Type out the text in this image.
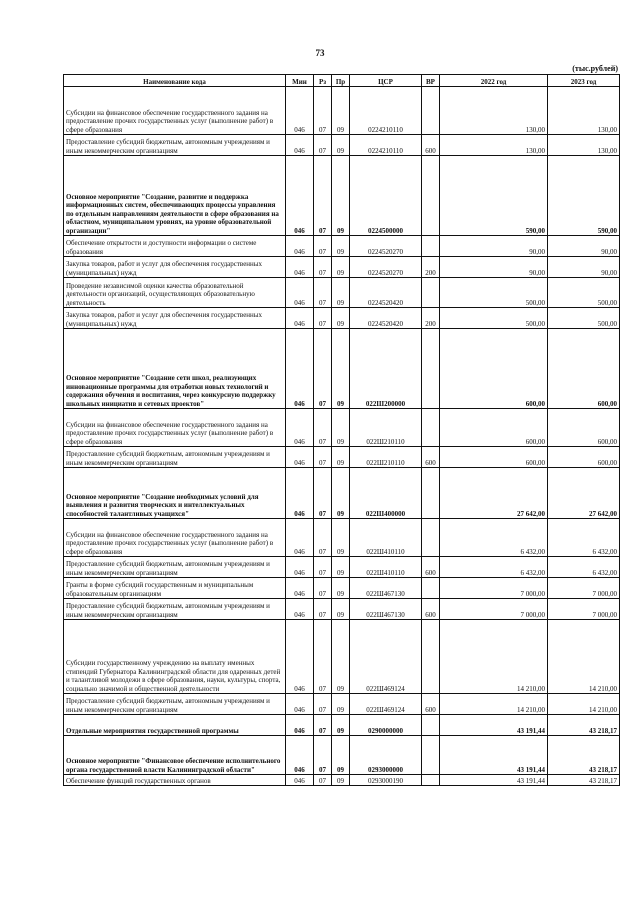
73
(тыс.рублей)
Наименование кода	Мин	Рз	Пр	ЦСР	ВР	2022 год	2023 год
Субсидии на финансовое обеспечение государственного задания на предоставление прочих государственных услуг (выполнение работ) в сфере образования	046	07	09	0224210110		130,00	130,00
Предоставление субсидий бюджетным, автономным учреждениям и иным некоммерческим организациям	046	07	09	0224210110	600	130,00	130,00
Основное мероприятие "Создание, развитие и поддержка информационных систем, обеспечивающих процессы управления по отдельным направлениям деятельности в сфере образования на областном, муниципальном уровнях, на уровне образовательной организации"	046	07	09	0224500000		590,00	590,00
Обеспечение открытости и доступности информации о системе образования	046	07	09	0224520270		90,00	90,00
Закупка товаров, работ и услуг для обеспечения государственных (муниципальных) нужд	046	07	09	0224520270	200	90,00	90,00
Проведение независимой оценки качества образовательной деятельности организаций, осуществляющих образовательную деятельность	046	07	09	0224520420		500,00	500,00
Закупка товаров, работ и услуг для обеспечения государственных (муниципальных) нужд	046	07	09	0224520420	200	500,00	500,00
Основное мероприятие "Создание сети школ, реализующих инновационные программы для отработки новых технологий и содержания обучения и воспитания, через конкурсную поддержку школьных инициатив и сетевых проектов"	046	07	09	022Ш200000		600,00	600,00
Субсидии на финансовое обеспечение государственного задания на предоставление прочих государственных услуг (выполнение работ) в сфере образования	046	07	09	022Ш210110		600,00	600,00
Предоставление субсидий бюджетным, автономным учреждениям и иным некоммерческим организациям	046	07	09	022Ш210110	600	600,00	600,00
Основное мероприятие "Создание необходимых условий для выявления и развития творческих и интеллектуальных способностей талантливых учащихся"	046	07	09	022Ш400000		27 642,00	27 642,00
Субсидии на финансовое обеспечение государственного задания на предоставление прочих государственных услуг (выполнение работ) в сфере образования	046	07	09	022Ш410110		6 432,00	6 432,00
Предоставление субсидий бюджетным, автономным учреждениям и иным некоммерческим организациям	046	07	09	022Ш410110	600	6 432,00	6 432,00
Гранты в форме субсидий государственным и муниципальным образовательным организациям	046	07	09	022Ш467130		7 000,00	7 000,00
Предоставление субсидий бюджетным, автономным учреждениям и иным некоммерческим организациям	046	07	09	022Ш467130	600	7 000,00	7 000,00
Субсидии государственному учреждению на выплату именных стипендий Губернатора Калининградской области для одаренных детей и талантливой молодежи в сфере образования, науки, культуры, спорта, социально значимой и общественной деятельности	046	07	09	022Ш469124		14 210,00	14 210,00
Предоставление субсидий бюджетным, автономным учреждениям и иным некоммерческим организациям	046	07	09	022Ш469124	600	14 210,00	14 210,00
Отдельные мероприятия государственной программы	046	07	09	0290000000		43 191,44	43 218,17
Основное мероприятие "Финансовое обеспечение исполнительного органа государственной власти Калининградской области"	046	07	09	0293000000		43 191,44	43 218,17
Обеспечение функций государственных органов	046	07	09	0293000190		43 191,44	43 218,17
